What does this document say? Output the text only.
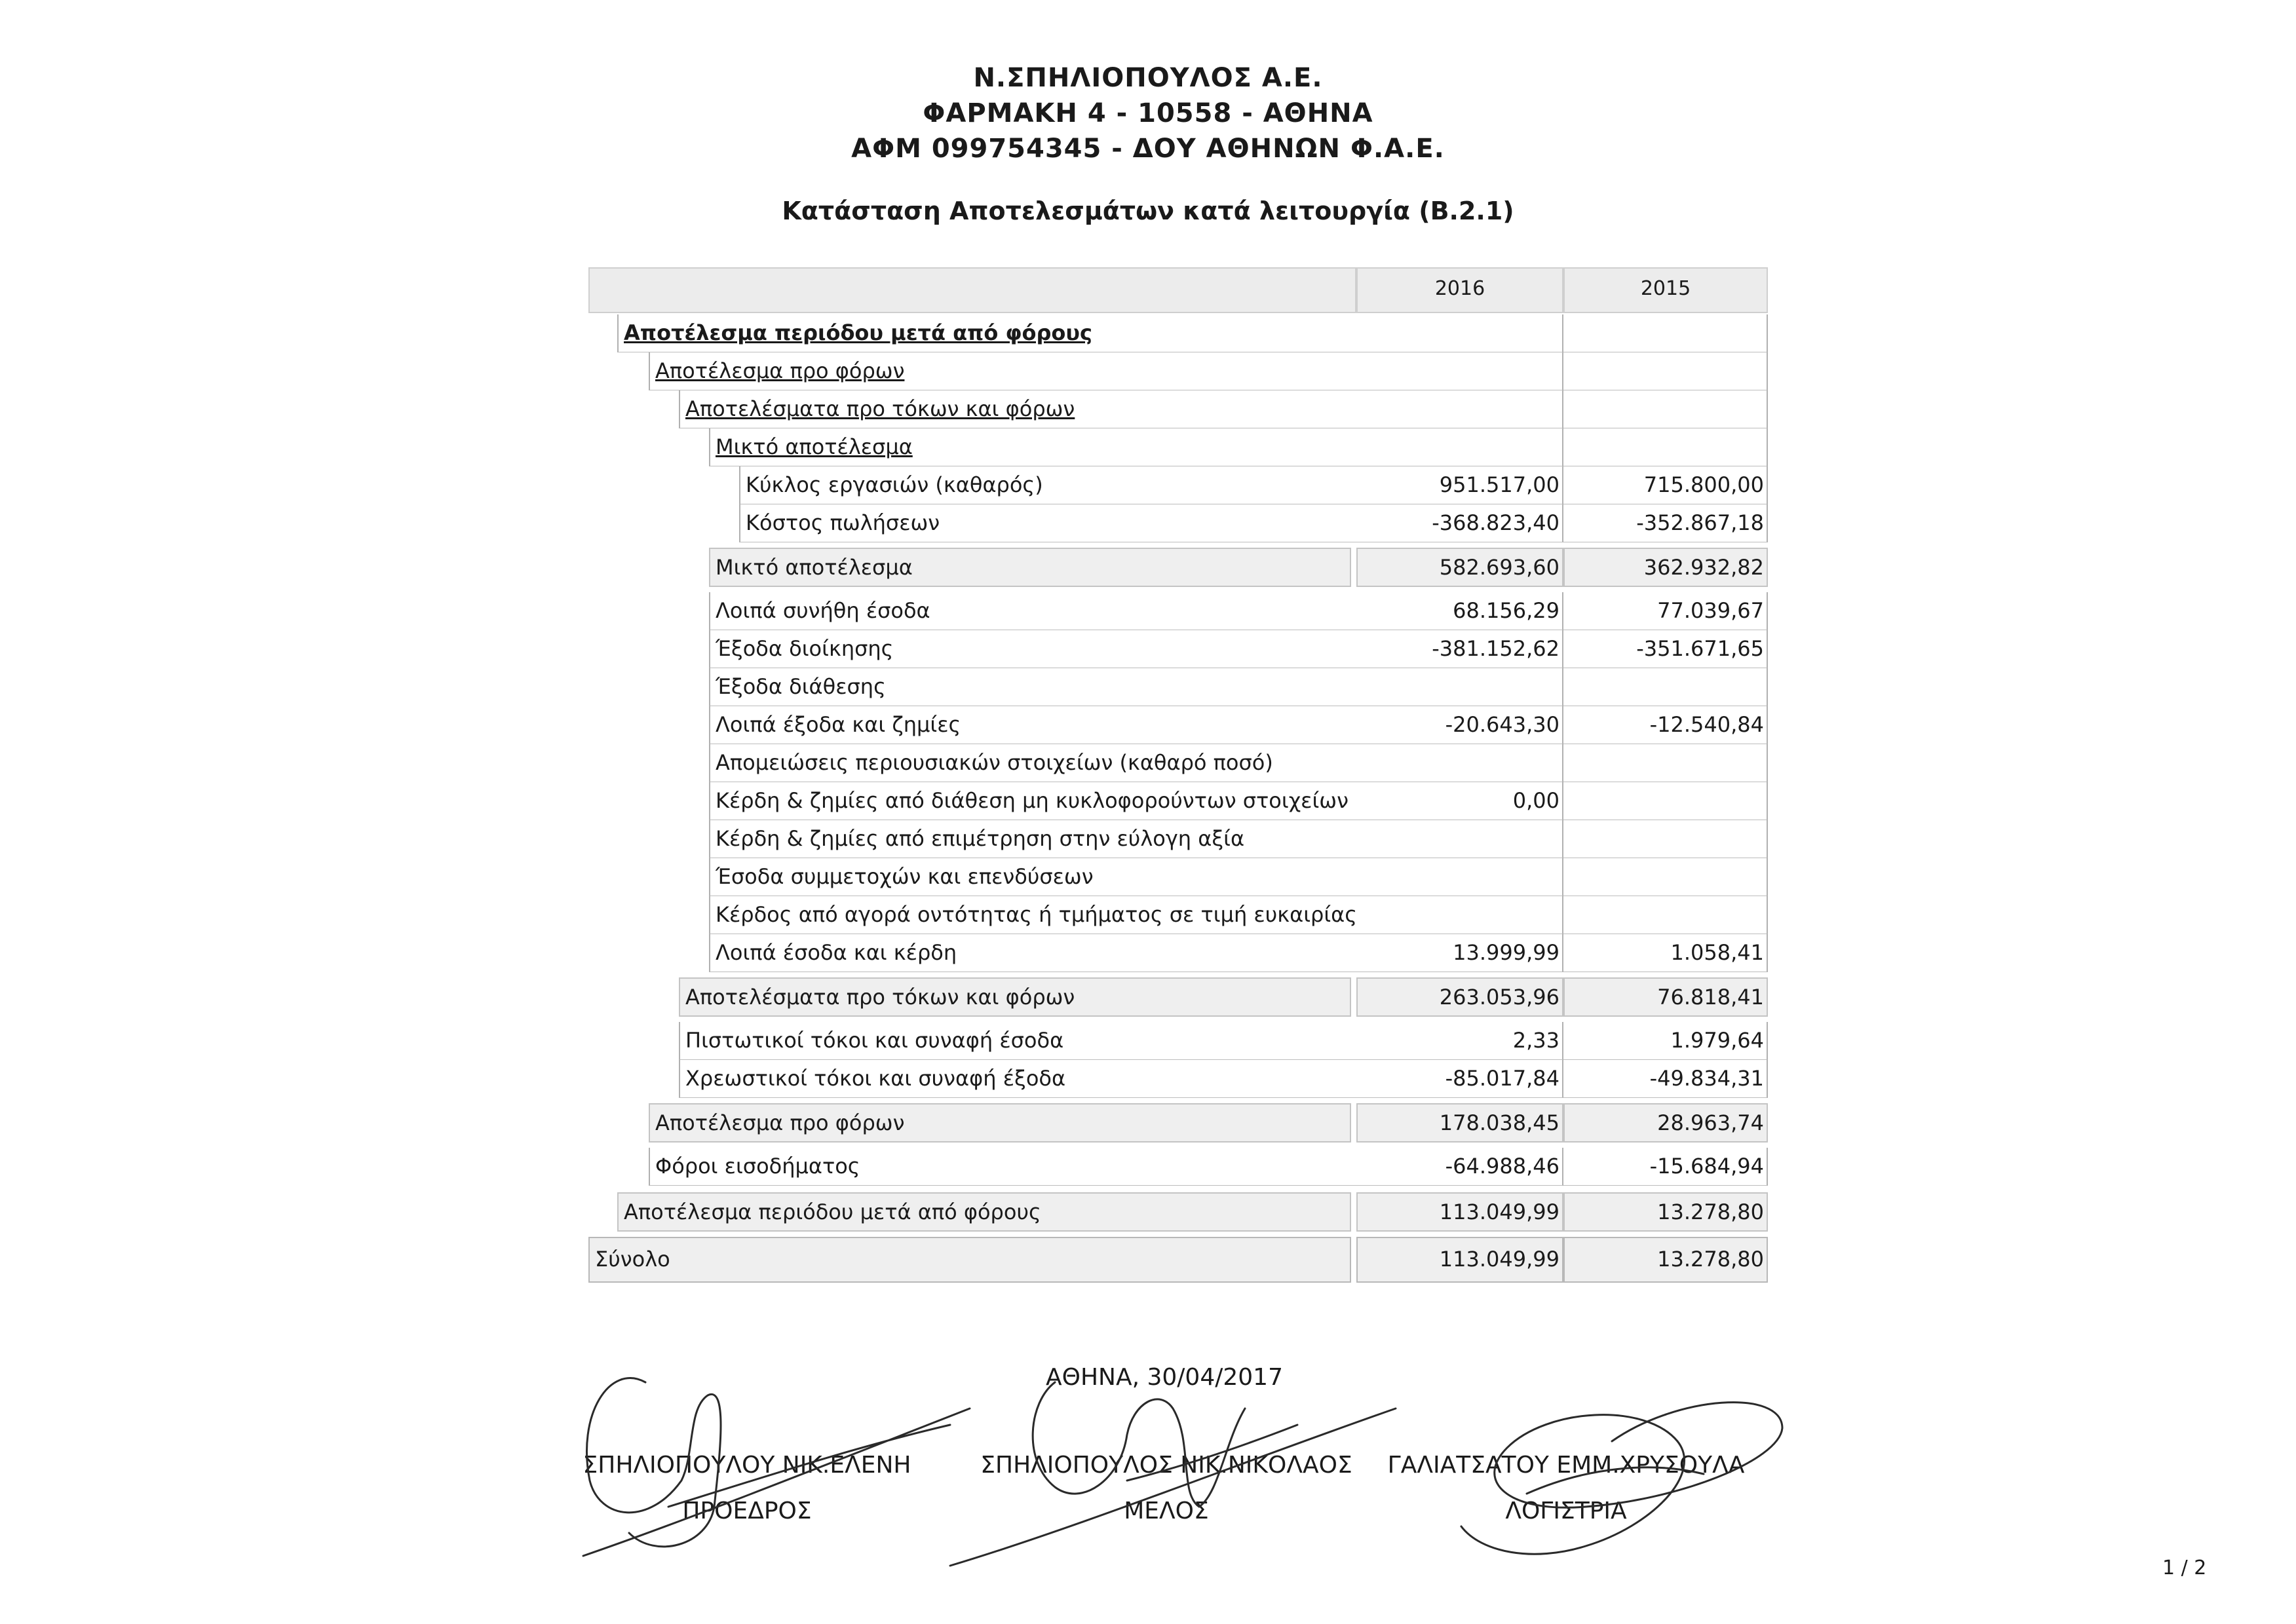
Ν.ΣΠΗΛΙΟΠΟΥΛΟΣ Α.Ε.
ΦΑΡΜΑΚΗ 4 - 10558 - ΑΘΗΝΑ
ΑΦΜ 099754345 - ΔΟΥ ΑΘΗΝΩΝ Φ.Α.Ε.
Κατάσταση Αποτελεσμάτων κατά λειτουργία (Β.2.1)
2016	2015
Αποτέλεσμα περιόδου μετά από φόρους
Αποτέλεσμα προ φόρων
Αποτελέσματα προ τόκων και φόρων
Μικτό αποτέλεσμα
Κύκλος εργασιών (καθαρός)	951.517,00	715.800,00
Κόστος πωλήσεων	-368.823,40	-352.867,18
Μικτό αποτέλεσμα	582.693,60	362.932,82
Λοιπά συνήθη έσοδα	68.156,29	77.039,67
Έξοδα διοίκησης	-381.152,62	-351.671,65
Έξοδα διάθεσης
Λοιπά έξοδα και ζημίες	-20.643,30	-12.540,84
Απομειώσεις περιουσιακών στοιχείων (καθαρό ποσό)
Κέρδη & ζημίες από διάθεση μη κυκλοφορούντων στοιχείων	0,00
Κέρδη & ζημίες από επιμέτρηση στην εύλογη αξία
Έσοδα συμμετοχών και επενδύσεων
Κέρδος από αγορά οντότητας ή τμήματος σε τιμή ευκαιρίας
Λοιπά έσοδα και κέρδη	13.999,99	1.058,41
Αποτελέσματα προ τόκων και φόρων	263.053,96	76.818,41
Πιστωτικοί τόκοι και συναφή έσοδα	2,33	1.979,64
Χρεωστικοί τόκοι και συναφή έξοδα	-85.017,84	-49.834,31
Αποτέλεσμα προ φόρων	178.038,45	28.963,74
Φόροι εισοδήματος	-64.988,46	-15.684,94
Αποτέλεσμα περιόδου μετά από φόρους	113.049,99	13.278,80
Σύνολο	113.049,99	13.278,80
ΑΘΗΝΑ, 30/04/2017
ΣΠΗΛΙΟΠΟΥΛΟΥ ΝΙΚ.ΕΛΕΝΗ
ΠΡΟΕΔΡΟΣ
ΣΠΗΛΙΟΠΟΥΛΟΣ ΝΙΚ.ΝΙΚΟΛΑΟΣ
ΜΕΛΟΣ
ΓΑΛΙΑΤΣΑΤΟΥ ΕΜΜ.ΧΡΥΣΟΥΛΑ
ΛΟΓΙΣΤΡΙΑ
1 / 2
